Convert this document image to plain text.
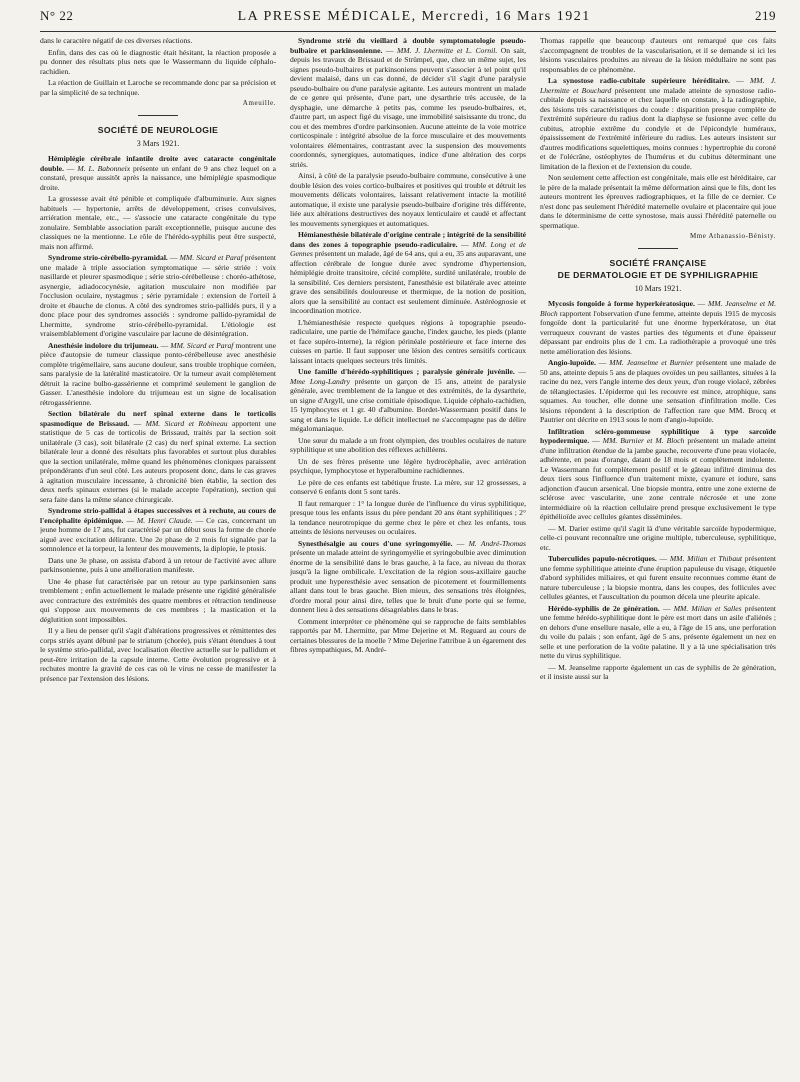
N° 22	LA PRESSE MÉDICALE, Mercredi, 16 Mars 1921	219

dans le caractère négatif de ces diverses réactions.

Enfin, dans des cas où le diagnostic était hésitant, la réaction proposée a pu donner des résultats plus nets que le Wassermann du liquide céphalo-rachidien.

La réaction de Guillain et Laroche se recommande donc par sa précision et par la simplicité de sa technique.

Ameuille.
SOCIÉTÉ DE NEUROLOGIE
3 Mars 1921.

Hémiplégie cérébrale infantile droite avec cataracte congénitale double. — M. L. Babonneix présente un enfant de 9 ans chez lequel on a constaté, presque aussitôt après la naissance, une hémiplégie spasmodique droite.

La grossesse avait été pénible et compliquée d'albuminurie. Aux signes habituels — hypertonie, arrêts de développement, crises convulsives, arriération mentale, etc., — s'associe une cataracte congénitale du type zonulaire. Semblable association paraît exceptionnelle, puisque aucune des classiques ne la mentionne. Le rôle de l'hérédo-syphilis peut être suspecté, mais non affirmé.

Syndrome strio-cérébello-pyramidal. — MM. Sicard et Paraf présentent une malade à triple association symptomatique — série striée : voix nasillarde et pleurer spasmodique ; série strio-cérébelleuse : choréo-athétose, asynergie, adiadococynésie, agitation musculaire non modifiée par l'occlusion oculaire, nystagmus ; série pyramidale : extension de l'orteil à droite et ébauche de clonus. A côté des syndromes strio-pallidés purs, il y a donc place pour des syndromes associés : syndrome pallido-pyramidal de Lhermitte, syndrome strio-cérébello-pyramidal. L'étiologie est vraisemblablement d'origine vasculaire par lacune de désintégration.

Anesthésie indolore du trijumeau. — MM. Sicard et Paraf montrent une pièce d'autopsie de tumeur classique ponto-cérébelleuse avec anesthésie complète trigémellaire, sans aucune douleur, sans trouble trophique cornéen, sans paralysie de la latéralité masticatoire. Or la tumeur avait complètement détruit la racine bulbo-gassérienne et comprimé seulement le ganglion de Gasser. L'anesthésie indolore du trijumeau est un signe de localisation rétrogassérienne.

Section bilatérale du nerf spinal externe dans le torticolis spasmodique de Brissaud. — MM. Sicard et Robineau apportent une statistique de 5 cas de torticolis de Brissaud, traités par la section soit unilatérale (3 cas), soit bilatérale (2 cas) du nerf spinal externe. La section bilatérale leur a donné des résultats plus favorables et surtout plus durables que la section unilatérale, même quand les phénomènes cloniques paraissent prépondérants d'un seul côté. Les auteurs proposent donc, dans le cas graves à agitation musculaire incessante, à chronicité bien établie, la section des deux nerfs spinaux externes (si le malade accepte l'opération), section qui sera faite dans la même séance chirurgicale.

Syndrome strio-pallidal à étapes successives et à rechute, au cours de l'encéphalite épidémique. — M. Henri Claude. — Ce cas, concernant un jeune homme de 17 ans, fut caractérisé par un début sous la forme de chorée aiguë avec excitation délirante. Une 2e phase de 2 mois fut signalée par la somnolence et la torpeur, la lenteur des mouvements, la diplopie, le ptosis.

Dans une 3e phase, on assista d'abord à un retour de l'activité avec allure parkinsonienne, puis à une amélioration manifeste.

Une 4e phase fut caractérisée par un retour au type parkinsonien sans tremblement ; enfin actuellement le malade présente une rigidité généralisée avec contracture des extrémités des quatre membres et rétraction tendineuse qui s'oppose aux mouvements de ces membres ; la mastication et la déglutition sont impossibles.

Il y a lieu de penser qu'il s'agit d'altérations progressives et rémittentes des corps striés ayant débuté par le striatum (chorée), puis s'étant étendues à tout le système strio-pallidal, avec localisation élective actuelle sur le pallidum et peut-être irritation de la capsule interne. Cette évolution progressive et à rechutes montre la gravité de ces cas où le virus ne cesse de manifester la présence par l'extension des lésions.

Syndrome strié du vieillard à double symptomatologie pseudo-bulbaire et parkinsonienne. — MM. J. Lhermitte et L. Cornil. On sait, depuis les travaux de Brissaud et de Strümpel, que, chez un même sujet, les signes pseudo-bulbaires et parkinsoniens peuvent s'associer à tel point qu'il devient malaisé, dans un cas donné, de décider s'il s'agit d'une paralysie pseudo-bulbaire ou d'une paralysie agitante. Les auteurs montrent un malade de ce genre qui présente, d'une part, une dysarthrie très accusée, de la dysphagie, une démarche à petits pas, comme les pseudo-bulbaires, et, d'autre part, un aspect figé du visage, une immobilité saisissante du tronc, du cou et des membres d'ordre parkinsonien. Aucune atteinte de la voie motrice corticospinale : intégrité absolue de la force musculaire et des mouvements volontaires élémentaires, contrastant avec la suspension des mouvements coordonnés, synergiques, automatiques, indice d'une altération des corps striés.

Ainsi, à côté de la paralysie pseudo-bulbaire commune, consécutive à une double lésion des voies cortico-bulbaires et positives qui trouble et détruit les mouvements délicats volontaires, laissant relativement intacte la motilité automatique, il existe une paralysie pseudo-bulbaire d'origine très différente, liée aux altérations destructives des noyaux lenticulaire et caudé et affectant les mouvements synergiques et automatiques.

Hémianesthésie bilatérale d'origine centrale ; intégrité de la sensibilité dans des zones à topographie pseudo-radiculaire. — MM. Long et de Gennes présentent un malade, âgé de 64 ans, qui a eu, 35 ans auparavant, une affection cérébrale de longue durée avec syndrome d'hypertension, hémiplégie droite transitoire, cécité complète, surdité unilatérale, trouble de la sensibilité. Ces derniers persistent, l'anesthésie est bilatérale avec atteinte grave des sensibilités douloureuse et thermique, de la notion de position, alors que la sensibilité au contact est seulement diminuée. Astéréognosie et incoordination motrice.

L'hémianesthésie respecte quelques régions à topographie pseudo-radiculaire, une partie de l'hémiface gauche, l'index gauche, les pieds (plante et face supéro-interne), la région périnéale postérieure et face interne des cuisses en partie. Il faut supposer une lésion des centres sensitifs corticaux laissant intacts quelques secteurs très limités.

Une famille d'hérédo-syphilitiques ; paralysie générale juvénile. — Mme Long-Landry présente un garçon de 15 ans, atteint de paralysie générale, avec tremblement de la langue et des extrémités, de la dysarthrie, un signe d'Argyll, une crise comitiale épisodique. Liquide céphalo-rachidien, 15 lymphocytes et 1 gr. 40 d'albumine. Bordet-Wassermann positif dans le sang et dans le liquide. Le déficit intellectuel ne s'accompagne pas de délire mégalomaniaque.

Une sœur du malade a un front olympien, des troubles oculaires de nature syphilitique et une abolition des réflexes achilléens.

Un de ses frères présente une légère hydrocéphalie, avec arriération psychique, lymphocytose et hyperalbumine rachidiennes.

Le père de ces enfants est tabétique fruste. La mère, sur 12 grossesses, a conservé 6 enfants dont 5 sont tarés.

Il faut remarquer : 1° la longue durée de l'influence du virus syphilitique, presque tous les enfants issus du père pendant 20 ans étant syphilitiques ; 2° la tendance neurotropique du germe chez le père et chez les enfants, tous atteints de lésions nerveuses ou oculaires.

Synesthésalgie au cours d'une syringomyélie. — M. André-Thomas présente un malade atteint de syringomyélie et syringobulbie avec diminution énorme de la sensibilité dans le bras gauche, à la face, au niveau du thorax jusqu'à la ligne ombilicale. L'excitation de la région sous-axillaire gauche produit une hyperesthésie avec sensation de picotement et fourmillements allant dans tout le bras gauche. Bien mieux, des sensations très éloignées, d'ordre moral pour ainsi dire, telles que le bruit d'une porte qui se ferme, donnent lieu à des sensations désagréables dans le bras.

Comment interpréter ce phénomène qui se rapproche de faits semblables rapportés par M. Lhermitte, par Mme Dejerine et M. Reguard au cours de certaines blessures de la moelle ? Mme Dejerine l'attribue à un égarement des fibres sympathiques, M. André-

Thomas rappelle que beaucoup d'auteurs ont remarqué que ces faits s'accompagnent de troubles de la vascularisation, et il se demande si ici les lésions vasculaires produites au niveau de la lésion médullaire ne sont pas responsables de ce phénomène.

La synostose radio-cubitale supérieure héréditaire. — MM. J. Lhermitte et Bouchard présentent une malade atteinte de synostose radio-cubitale depuis sa naissance et chez laquelle on constate, à la radiographie, des lésions très caractéristiques du coude : disparition presque complète de l'extrémité supérieure du radius dont la diaphyse se fusionne avec celle du cubitus, atrophie extrême du condyle et de l'épicondyle huméraux, épaississement de l'extrémité inférieure du radius. Les auteurs insistent sur d'autres modifications squelettiques, moins connues : hypertrophie du coroné et de l'olécrâne, ostéophytes de l'humérus et du cubitus déterminant une limitation de la flexion et de l'extension du coude.

Non seulement cette affection est congénitale, mais elle est héréditaire, car le père de la malade présentait la même déformation ainsi que le fils, dont les auteurs montrent les épreuves radiographiques, et la fille de ce dernier. Ce n'est donc pas seulement l'hérédité maternelle ovulaire et placentaire qui joue dans le déterminisme de cette synostose, mais aussi l'hérédité paternelle ou spermatique.

Mme Athanassio-Bénisty.
SOCIÉTÉ FRANÇAISE
DE DERMATOLOGIE ET DE SYPHILIGRAPHIE
10 Mars 1921.

Mycosis fongoïde à forme hyperkératosique. — MM. Jeanselme et M. Bloch rapportent l'observation d'une femme, atteinte depuis 1915 de mycosis fongoïde dont la particularité fut une énorme hyperkératose, un état verruqueux couvrant de vastes parties des téguments et d'une épaisseur dépassant par endroits plus de 1 cm. La radiothérapie a provoqué une très nette amélioration des lésions.

Angio-lupoïde. — MM. Jeanselme et Burnier présentent une malade de 50 ans, atteinte depuis 5 ans de plaques ovoïdes un peu saillantes, situées à la racine du nez, vers l'angle interne des deux yeux, d'un rouge violacé, zébrées de télangiectasies. L'épiderme qui les recouvre est mince, atrophique, sans squames. Au toucher, elle donne une sensation d'infiltration molle. Ces lésions répondent à la description de l'affection rare que MM. Brocq et Pautrier ont décrite en 1913 sous le nom d'angio-lupoïde.

Infiltration scléro-gommeuse syphilitique à type sarcoïde hypodermique. — MM. Burnier et M. Bloch présentent un malade atteint d'une infiltration étendue de la jambe gauche, recouverte d'une peau violacée, adhérente, en peau d'orange, datant de 18 mois et complètement indolente. Le Wassermann fut complètement positif et le gâteau infiltré diminua des deux tiers sous l'influence d'un traitement mixte, cyanure et iodure, sans adjonction d'aucun arsenical. Une biopsie montra, entre une zone externe de sclérose avec vascularite, une zone centrale nécrosée et une zone intermédiaire où la réaction cellulaire prend presque exclusivement le type épithélioïde avec cellules géantes disséminées.

— M. Darier estime qu'il s'agit là d'une véritable sarcoïde hypodermique, celle-ci pouvant reconnaître une origine multiple, tuberculeuse, syphilitique, etc.

Tuberculides papulo-nécrotiques. — MM. Milian et Thibaut présentent une femme syphilitique atteinte d'une éruption papuleuse du visage, étiquetée d'abord syphilides miliaires, et qui furent ensuite reconnues comme étant de nature tuberculeuse ; la biopsie montra, dans les coupes, des follicules avec cellules géantes, et l'auscultation du poumon décela une pleurite apicale.

Hérédo-syphilis de 2e génération. — MM. Milian et Salles présentent une femme hérédo-syphilitique dont le père est mort dans un asile d'aliénés ; en dehors d'une ensellure nasale, elle a eu, à l'âge de 15 ans, une perforation du voile du palais ; son enfant, âgé de 5 ans, présente également un nez en selle et une perforation de la voûte palatine. Il y a là une spécialisation très nette du virus syphilitique.

— M. Jeanselme rapporte également un cas de syphilis de 2e génération, et il insiste aussi sur la
